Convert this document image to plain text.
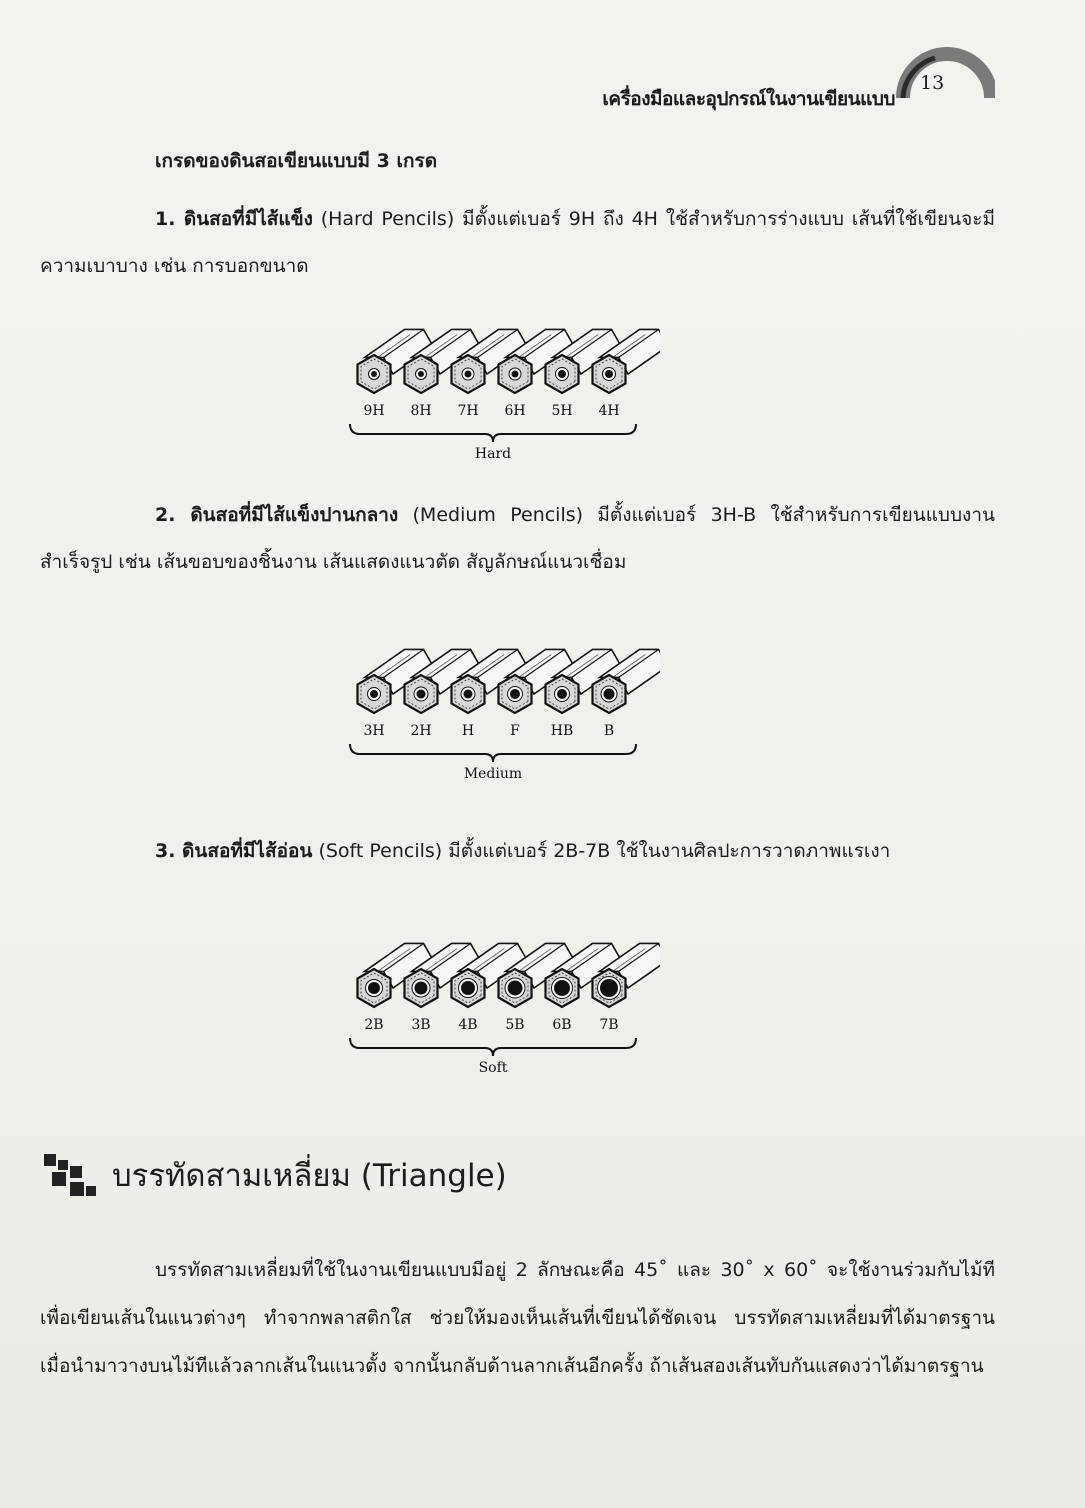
เครื่องมือและอุปกรณ์ในงานเขียนแบบ
13
เกรดของดินสอเขียนแบบมี 3 เกรด
1. ดินสอที่มีไส้แข็ง (Hard Pencils) มีตั้งแต่เบอร์ 9H ถึง 4H ใช้สำหรับการร่างแบบ เส้นที่ใช้เขียนจะมีความเบาบาง เช่น การบอกขนาด
9H 8H 7H 6H 5H 4H
Hard
2. ดินสอที่มีไส้แข็งปานกลาง (Medium Pencils) มีตั้งแต่เบอร์ 3H-B ใช้สำหรับการเขียนแบบงานสำเร็จรูป เช่น เส้นขอบของชิ้นงาน เส้นแสดงแนวตัด สัญลักษณ์แนวเชื่อม
3H 2H H	F HB B
Medium
3. ดินสอที่มีไส้อ่อน (Soft Pencils) มีตั้งแต่เบอร์ 2B-7B ใช้ในงานศิลปะการวาดภาพแรเงา
2B 3B 4B 5B 6B 7B
Soft
บรรทัดสามเหลี่ยม (Triangle)
บรรทัดสามเหลี่ยมที่ใช้ในงานเขียนแบบมีอยู่ 2 ลักษณะคือ 45˚ และ 30˚ x 60˚ จะใช้งานร่วมกับไม้ทีเพื่อเขียนเส้นในแนวต่างๆ ทำจากพลาสติกใส ช่วยให้มองเห็นเส้นที่เขียนได้ชัดเจน บรรทัดสามเหลี่ยมที่ได้มาตรฐาน เมื่อนำมาวางบนไม้ทีแล้วลากเส้นในแนวตั้ง จากนั้นกลับด้านลากเส้นอีกครั้ง ถ้าเส้นสองเส้นทับกันแสดงว่าได้มาตรฐาน
